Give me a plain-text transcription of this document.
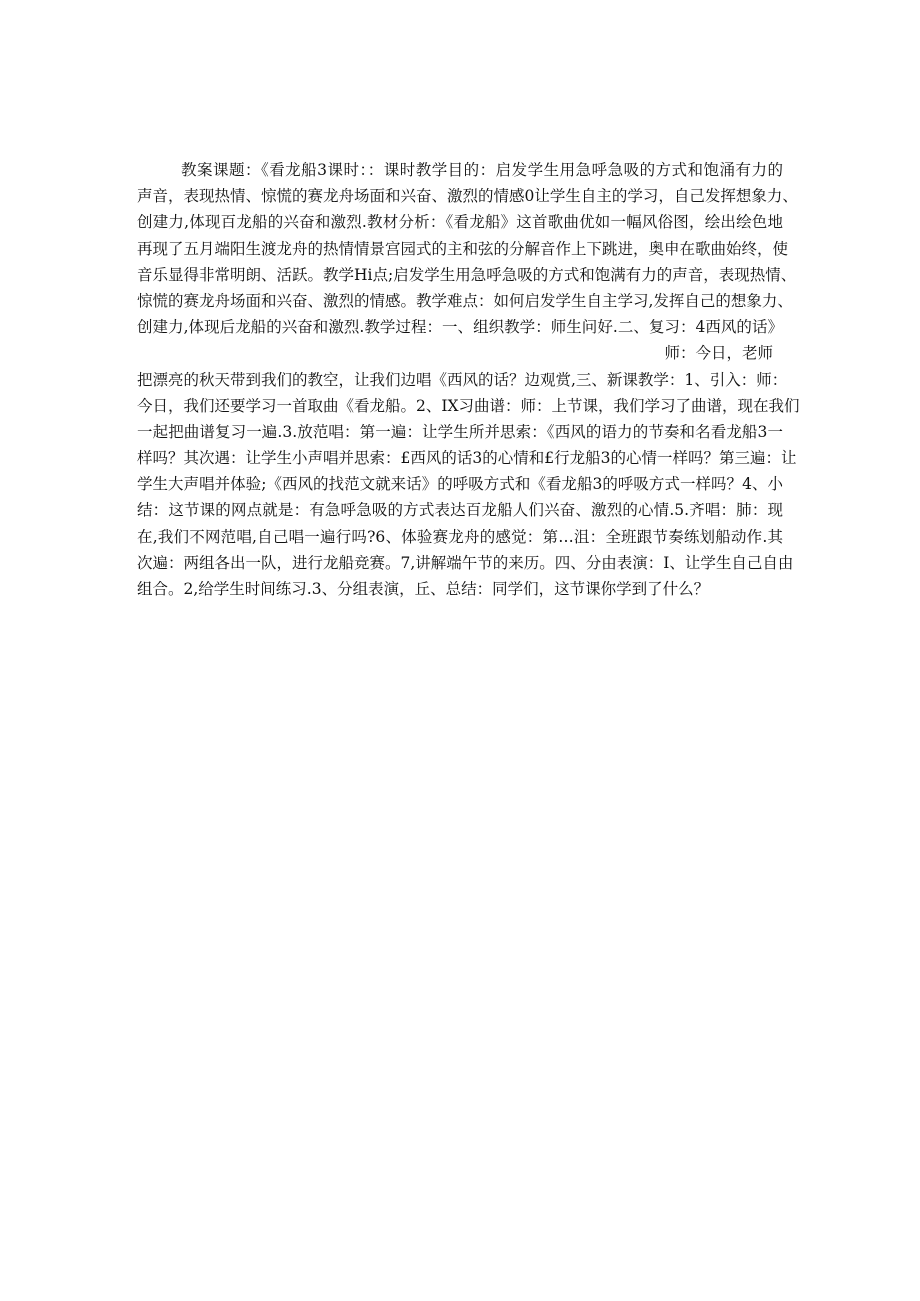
教案课题：《看龙船3课时：：课时教学目的：启发学生用急呼急吸的方式和饱涌有力的
声音，表现热情、惊慌的赛龙舟场面和兴奋、激烈的情感0让学生自主的学习，自己发挥想象力、
创建力,体现百龙船的兴奋和激烈.教材分析：《看龙船》这首歌曲优如一幅风俗图，绘出绘色地
再现了五月端阳生渡龙舟的热情情景宫园式的主和弦的分解音作上下跳进，奥申在歌曲始终，使
音乐显得非常明朗、活跃。教学Hi点;启发学生用急呼急吸的方式和饱满有力的声音，表现热情、
惊慌的赛龙舟场面和兴奋、激烈的情感。教学难点：如何启发学生自主学习,发挥自己的想象力、
创建力,体现后龙船的兴奋和激烈.教学过程：一、组织教学：师生问好.二、复习：4西风的话》
师：今日，老师
把漂亮的秋天带到我们的教空，让我们边唱《西风的话？边观赏,三、新课教学：1、引入：师：
今日，我们还要学习一首取曲《看龙船。2、IX习曲谱：师：上节课，我们学习了曲谱，现在我们
一起把曲谱复习一遍.3.放范唱：第一遍：让学生所并思索：《西风的语力的节奏和名看龙船3一
样吗？其次遇：让学生小声唱并思索：£西风的话3的心情和£行龙船3的心情一样吗？第三遍：让
学生大声唱并体验;《西风的找范文就来话》的呼吸方式和《看龙船3的呼吸方式一样吗？4、小
结：这节课的网点就是：有急呼急吸的方式表达百龙船人们兴奋、激烈的心情.5.齐唱：肺：现
在,我们不网范唱,自己唱一遍行吗?6、体验赛龙舟的感觉：第…沮：全班跟节奏练划船动作.其
次遍：两组各出一队，进行龙船竞赛。7,讲解端午节的来历。四、分由表演：I、让学生自己自由
组合。2,给学生时间练习.3、分组表演，丘、总结：同学们，这节课你学到了什么？
